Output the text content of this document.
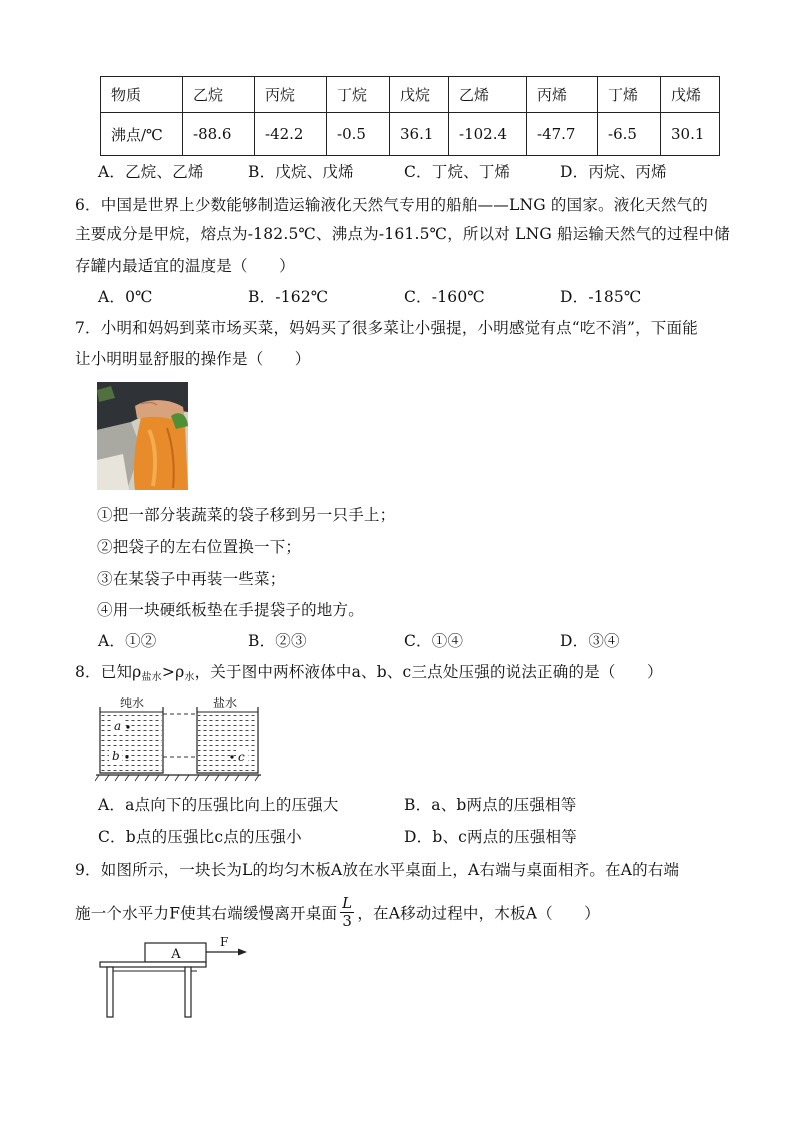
物质	乙烷	丙烷	丁烷	戊烷	乙烯	丙烯	丁烯	戊烯
沸点/℃	-88.6	-42.2	-0.5	36.1	-102.4	-47.7	-6.5	30.1
A．乙烷、乙烯	B．戊烷、戊烯	C．丁烷、丁烯	D．丙烷、丙烯
6．中国是世界上少数能够制造运输液化天然气专用的船舶——LNG 的国家。液化天然气的
主要成分是甲烷，熔点为-182.5℃、沸点为-161.5℃，所以对 LNG 船运输天然气的过程中储
存罐内最适宜的温度是（　　）
A．0℃	B．-162℃	C．-160℃	D．-185℃
7．小明和妈妈到菜市场买菜，妈妈买了很多菜让小强提，小明感觉有点“吃不消”，下面能
让小明明显舒服的操作是（　　）
①把一部分装蔬菜的袋子移到另一只手上；
②把袋子的左右位置换一下；
③在某袋子中再装一些菜；
④用一块硬纸板垫在手提袋子的地方。
A．①②	B．②③	C．①④	D．③④
8．已知$\rho_{盐水}>\rho_水$，关于图中两杯液体中a、b、c三点处压强的说法正确的是（　　）
纯水	盐水
a
b	c
A．a点向下的压强比向上的压强大	B．a、b两点的压强相等
C．b点的压强比c点的压强小	D．b、c两点的压强相等
9．如图所示，一块长为L的均匀木板A放在水平桌面上，A右端与桌面相齐。在A的右端
施一个水平力F使其右端缓慢离开桌面 $\frac{L}{3}$ ，在A移动过程中，木板A（　　）
A
F
